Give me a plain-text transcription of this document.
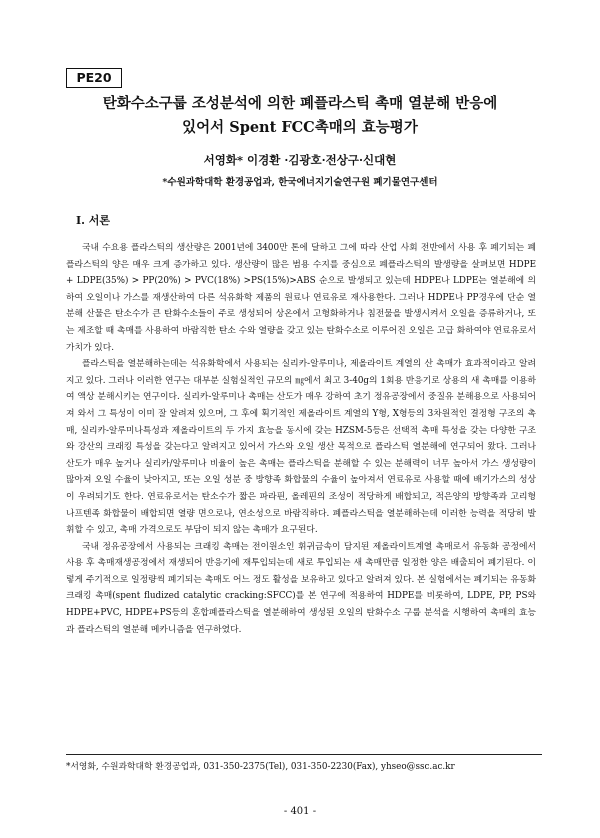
PE20
탄화수소구룹 조성분석에 의한 폐플라스틱 촉매 열분해 반응에
있어서 Spent FCC촉매의 효능평가
서영화* 이경환 ·김광호·전상구·신대현
*수원과학대학 환경공업과, 한국에너지기술연구원 폐기물연구센터
I. 서론

국내 수요용 플라스틱의 생산량은 2001년에 3400만 톤에 달하고 그에 따라 산업 사회 전반에서 사용 후 폐기되는 폐플라스틱의 양은 매우 크게 증가하고 있다. 생산량이 많은 범용 수지를 중심으로 폐플라스틱의 발생량을 살펴보면 HDPE + LDPE(35%) > PP(20%) > PVC(18%) >PS(15%)>ABS 순으로 발생되고 있는데 HDPE나 LDPE는 열분해에 의하여 오일이나 가스를 재생산하여 다른 석유화학 제품의 원료나 연료유로 재사용한다. 그러나 HDPE나 PP경우에 단순 열분해 산물은 탄소수가 큰 탄화수소들이 주로 생성되어 상온에서 고형화하거나 침전물을 발생시켜서 오일을 증류하거나, 또는 제조할 때 촉매를 사용하여 바람직한 탄소 수와 열량을 갖고 있는 탄화수소로 이루어진 오일은 고급 화하여야 연료유로서 가치가 있다.

플라스틱을 열분해하는데는 석유화학에서 사용되는 실리카-알루미나, 제올라이트 계열의 산 촉매가 효과적이라고 알려지고 있다. 그러나 이러한 연구는 대부분 실험실적인 규모의 ㎎에서 최고 3-40g의 1회용 반응기로 상용의 새 촉매를 이용하여 액상 분해시키는 연구이다. 실리카-알루미나 촉매는 산도가 매우 강하여 초기 정유공장에서 중질유 분해용으로 사용되어져 와서 그 특성이 이미 잘 알려져 있으며, 그 후에 획기적인 제올라이트 계열의 Y형, X형등의 3차원적인 결정형 구조의 촉매, 실리카-알루미나특성과 제올라이트의 두 가지 효능을 동시에 갖는 HZSM-5등은 선택적 촉매 특성을 갖는 다양한 구조와 강산의 크래킹 특성을 갖는다고 알려지고 있어서 가스와 오일 생산 목적으로 플라스틱 열분해에 연구되어 왔다. 그러나 산도가 매우 높거나 실리카/알루미나 비율이 높은 촉매는 플라스틱을 분해할 수 있는 분해력이 너무 높아서 가스 생성량이 많아져 오일 수율이 낮아지고, 또는 오일 성분 중 방향족 화합물의 수율이 높아져서 연료유로 사용할 때에 배기가스의 성상이 우려되기도 한다. 연료유로서는 탄소수가 짧은 파라핀, 올레핀의 조성이 적당하게 배합되고, 적은양의 방향족과 고리형 나프텐족 화합물이 배합되면 열량 면으로나, 연소성으로 바람직하다. 폐플라스틱을 열분해하는데 이러한 능력을 적당히 발휘할 수 있고, 촉매 가격으로도 부담이 되지 않는 촉매가 요구된다.

국내 정유공장에서 사용되는 크래킹 촉매는 전이원소인 휘귀금속이 담지된 제올라이트계열 촉매로서 유동화 공정에서 사용 후 촉매재생공정에서 재생되어 반응기에 재투입되는데 새로 투입되는 새 촉매만큼 일정한 양은 배출되어 폐기된다. 이렇게 주기적으로 일정량씩 폐기되는 촉매도 어느 정도 활성을 보유하고 있다고 알려져 있다. 본 실험에서는 폐기되는 유동화 크래킹 촉매(spent fludized catalytic cracking:SFCC)를 본 연구에 적용하여 HDPE를 비롯하여, LDPE, PP, PS와 HDPE+PVC, HDPE+PS등의 혼합폐플라스틱을 열분해하여 생성된 오일의 탄화수소 구룹 분석을 시행하여 촉매의 효능과 플라스틱의 열분해 메카니즘을 연구하였다.

*서영화, 수원과학대학 환경공업과, 031-350-2375(Tel), 031-350-2230(Fax), yhseo@ssc.ac.kr
- 401 -
